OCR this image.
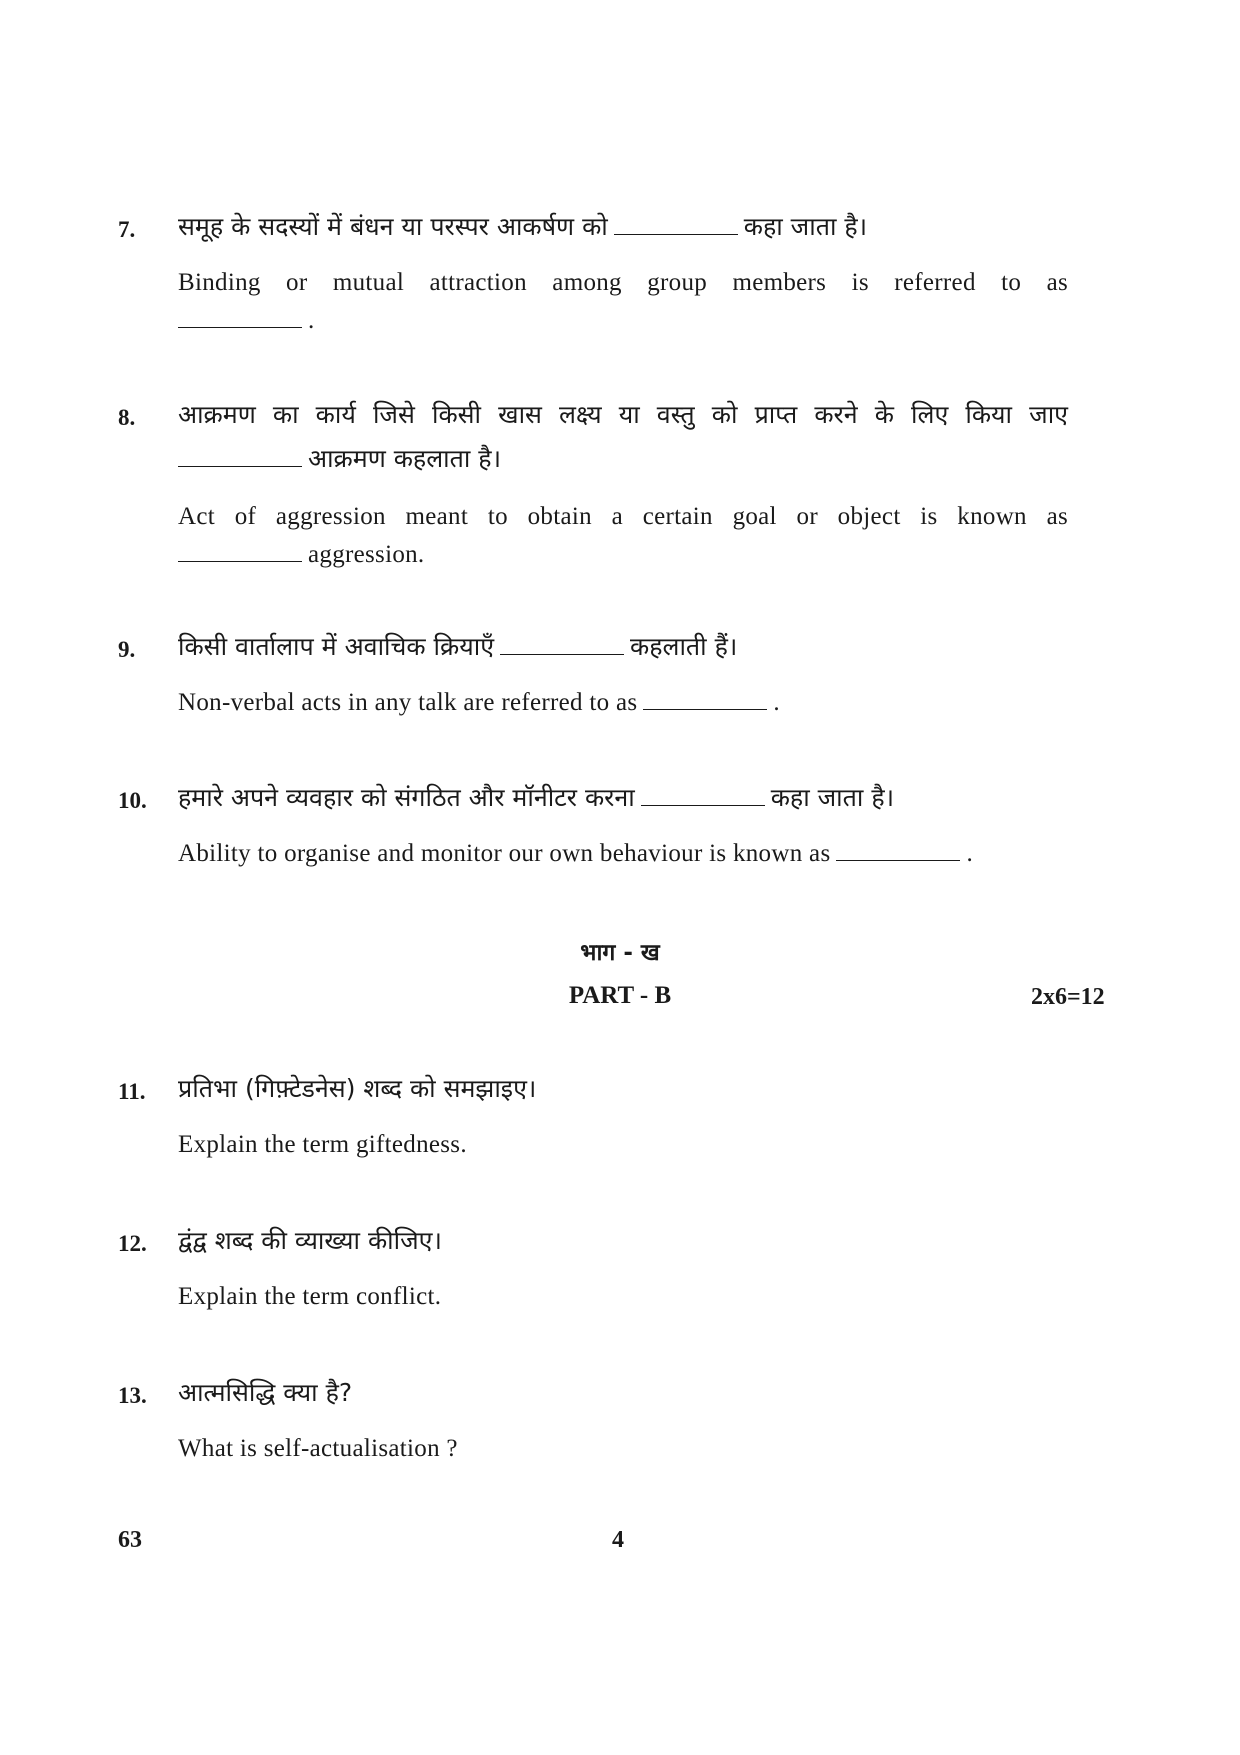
7. समूह के सदस्यों में बंधन या परस्पर आकर्षण को	कहा जाता है।
Binding or mutual attraction among group members is referred to as
.
8. आक्रमण का कार्य जिसे किसी खास लक्ष्य या वस्तु को प्राप्त करने के लिए किया जाए
आक्रमण कहलाता है।
Act of aggression meant to obtain a certain goal or object is known as
aggression.
9. किसी वार्तालाप में अवाचिक क्रियाएँ	कहलाती हैं।
Non-verbal acts in any talk are referred to as	.
10. हमारे अपने व्यवहार को संगठित और मॉनीटर करना	कहा जाता है।
Ability to organise and monitor our own behaviour is known as	.
भाग - ख
PART - B	2x6=12
11. प्रतिभा (गिफ़्टेडनेस) शब्द को समझाइए।
Explain the term giftedness.
12. द्वंद्व शब्द की व्याख्या कीजिए।
Explain the term conflict.
13. आत्मसिद्धि क्या है?
What is self-actualisation ?
63	4
